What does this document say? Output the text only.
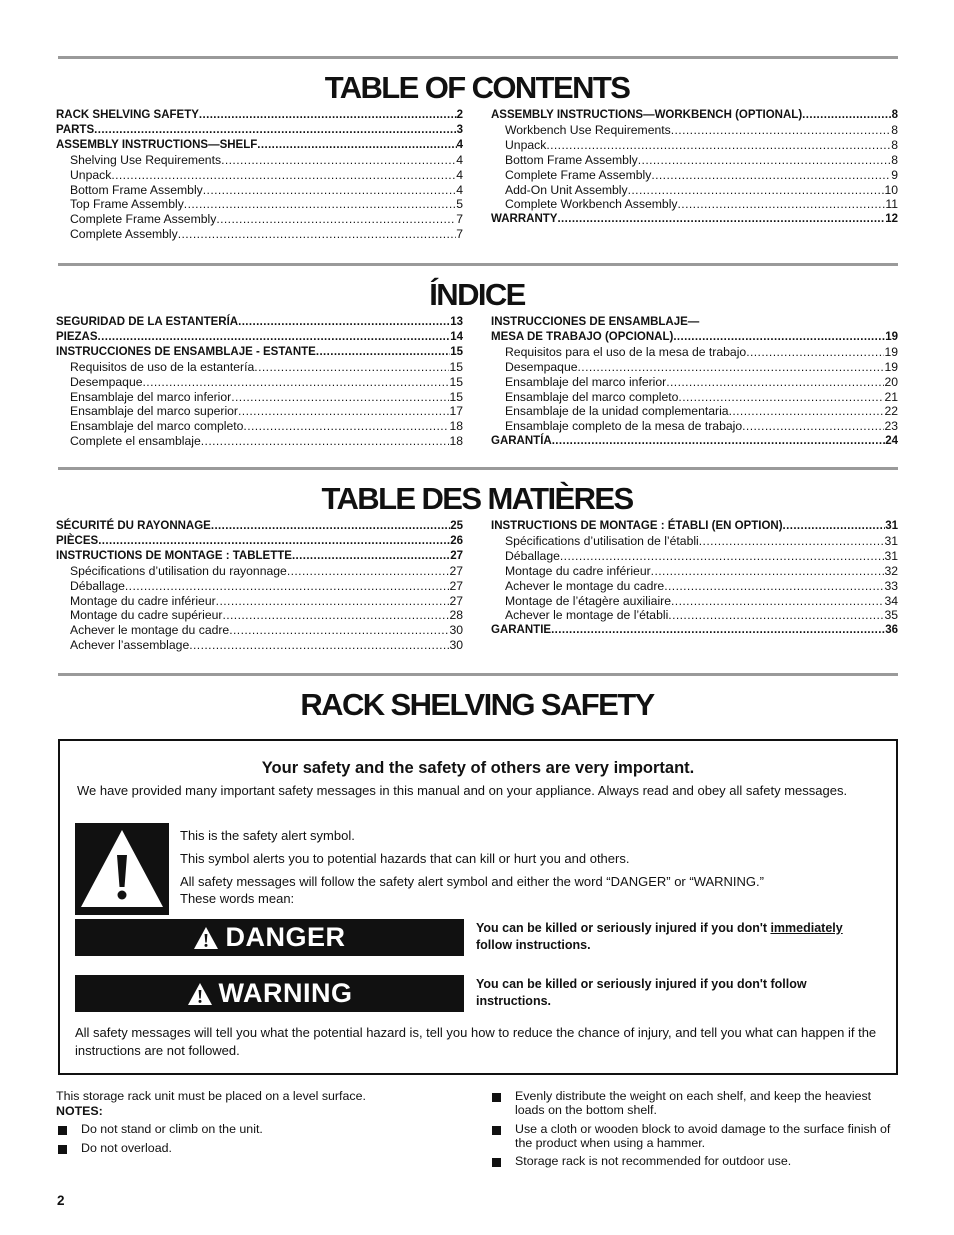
TABLE OF CONTENTS
RACK SHELVING SAFETY .....	2
PARTS .....	3
ASSEMBLY INSTRUCTIONS—SHELF .....	4
Shelving Use Requirements .....	4
Unpack .....	4
Bottom Frame Assembly .....	4
Top Frame Assembly .....	5
Complete Frame Assembly .....	7
Complete Assembly .....	7
ASSEMBLY INSTRUCTIONS—WORKBENCH (OPTIONAL) .....	8
Workbench Use Requirements .....	8
Unpack .....	8
Bottom Frame Assembly .....	8
Complete Frame Assembly .....	9
Add-On Unit Assembly .....	10
Complete Workbench Assembly .....	11
WARRANTY .....	12
ÍNDICE
SEGURIDAD DE LA ESTANTERÍA .....	13
PIEZAS .....	14
INSTRUCCIONES DE ENSAMBLAJE - ESTANTE .....	15
Requisitos de uso de la estantería .....	15
Desempaque .....	15
Ensamblaje del marco inferior .....	15
Ensamblaje del marco superior .....	17
Ensamblaje del marco completo .....	18
Complete el ensamblaje .....	18
INSTRUCCIONES DE ENSAMBLAJE—
MESA DE TRABAJO (OPCIONAL) .....	19
Requisitos para el uso de la mesa de trabajo .....	19
Desempaque .....	19
Ensamblaje del marco inferior .....	20
Ensamblaje del marco completo .....	21
Ensamblaje de la unidad complementaria .....	22
Ensamblaje completo de la mesa de trabajo .....	23
GARANTÍA .....	24
TABLE DES MATIÈRES
SÉCURITÉ DU RAYONNAGE .....	25
PIÈCES .....	26
INSTRUCTIONS DE MONTAGE : TABLETTE .....	27
Spécifications d’utilisation du rayonnage .....	27
Déballage .....	27
Montage du cadre inférieur .....	27
Montage du cadre supérieur .....	28
Achever le montage du cadre .....	30
Achever l’assemblage .....	30
INSTRUCTIONS DE MONTAGE : ÉTABLI (EN OPTION) .....	31
Spécifications d’utilisation de l’établi .....	31
Déballage .....	31
Montage du cadre inférieur .....	32
Achever le montage du cadre .....	33
Montage de l’étagère auxiliaire .....	34
Achever le montage de l’établi .....	35
GARANTIE .....	36
RACK SHELVING SAFETY
Your safety and the safety of others are very important.
We have provided many important safety messages in this manual and on your appliance. Always read and obey all safety messages.
This is the safety alert symbol.
This symbol alerts you to potential hazards that can kill or hurt you and others.
All safety messages will follow the safety alert symbol and either the word “DANGER” or “WARNING.”
These words mean:
DANGER	You can be killed or seriously injured if you don't immediately
follow instructions.
WARNING	You can be killed or seriously injured if you don't follow
instructions.
All safety messages will tell you what the potential hazard is, tell you how to reduce the chance of injury, and tell you what can happen if the instructions are not followed.
This storage rack unit must be placed on a level surface.
NOTES:
Do not stand or climb on the unit.
Do not overload.
Evenly distribute the weight on each shelf, and keep the heaviest loads on the bottom shelf.
Use a cloth or wooden block to avoid damage to the surface finish of the product when using a hammer.
Storage rack is not recommended for outdoor use.
2
